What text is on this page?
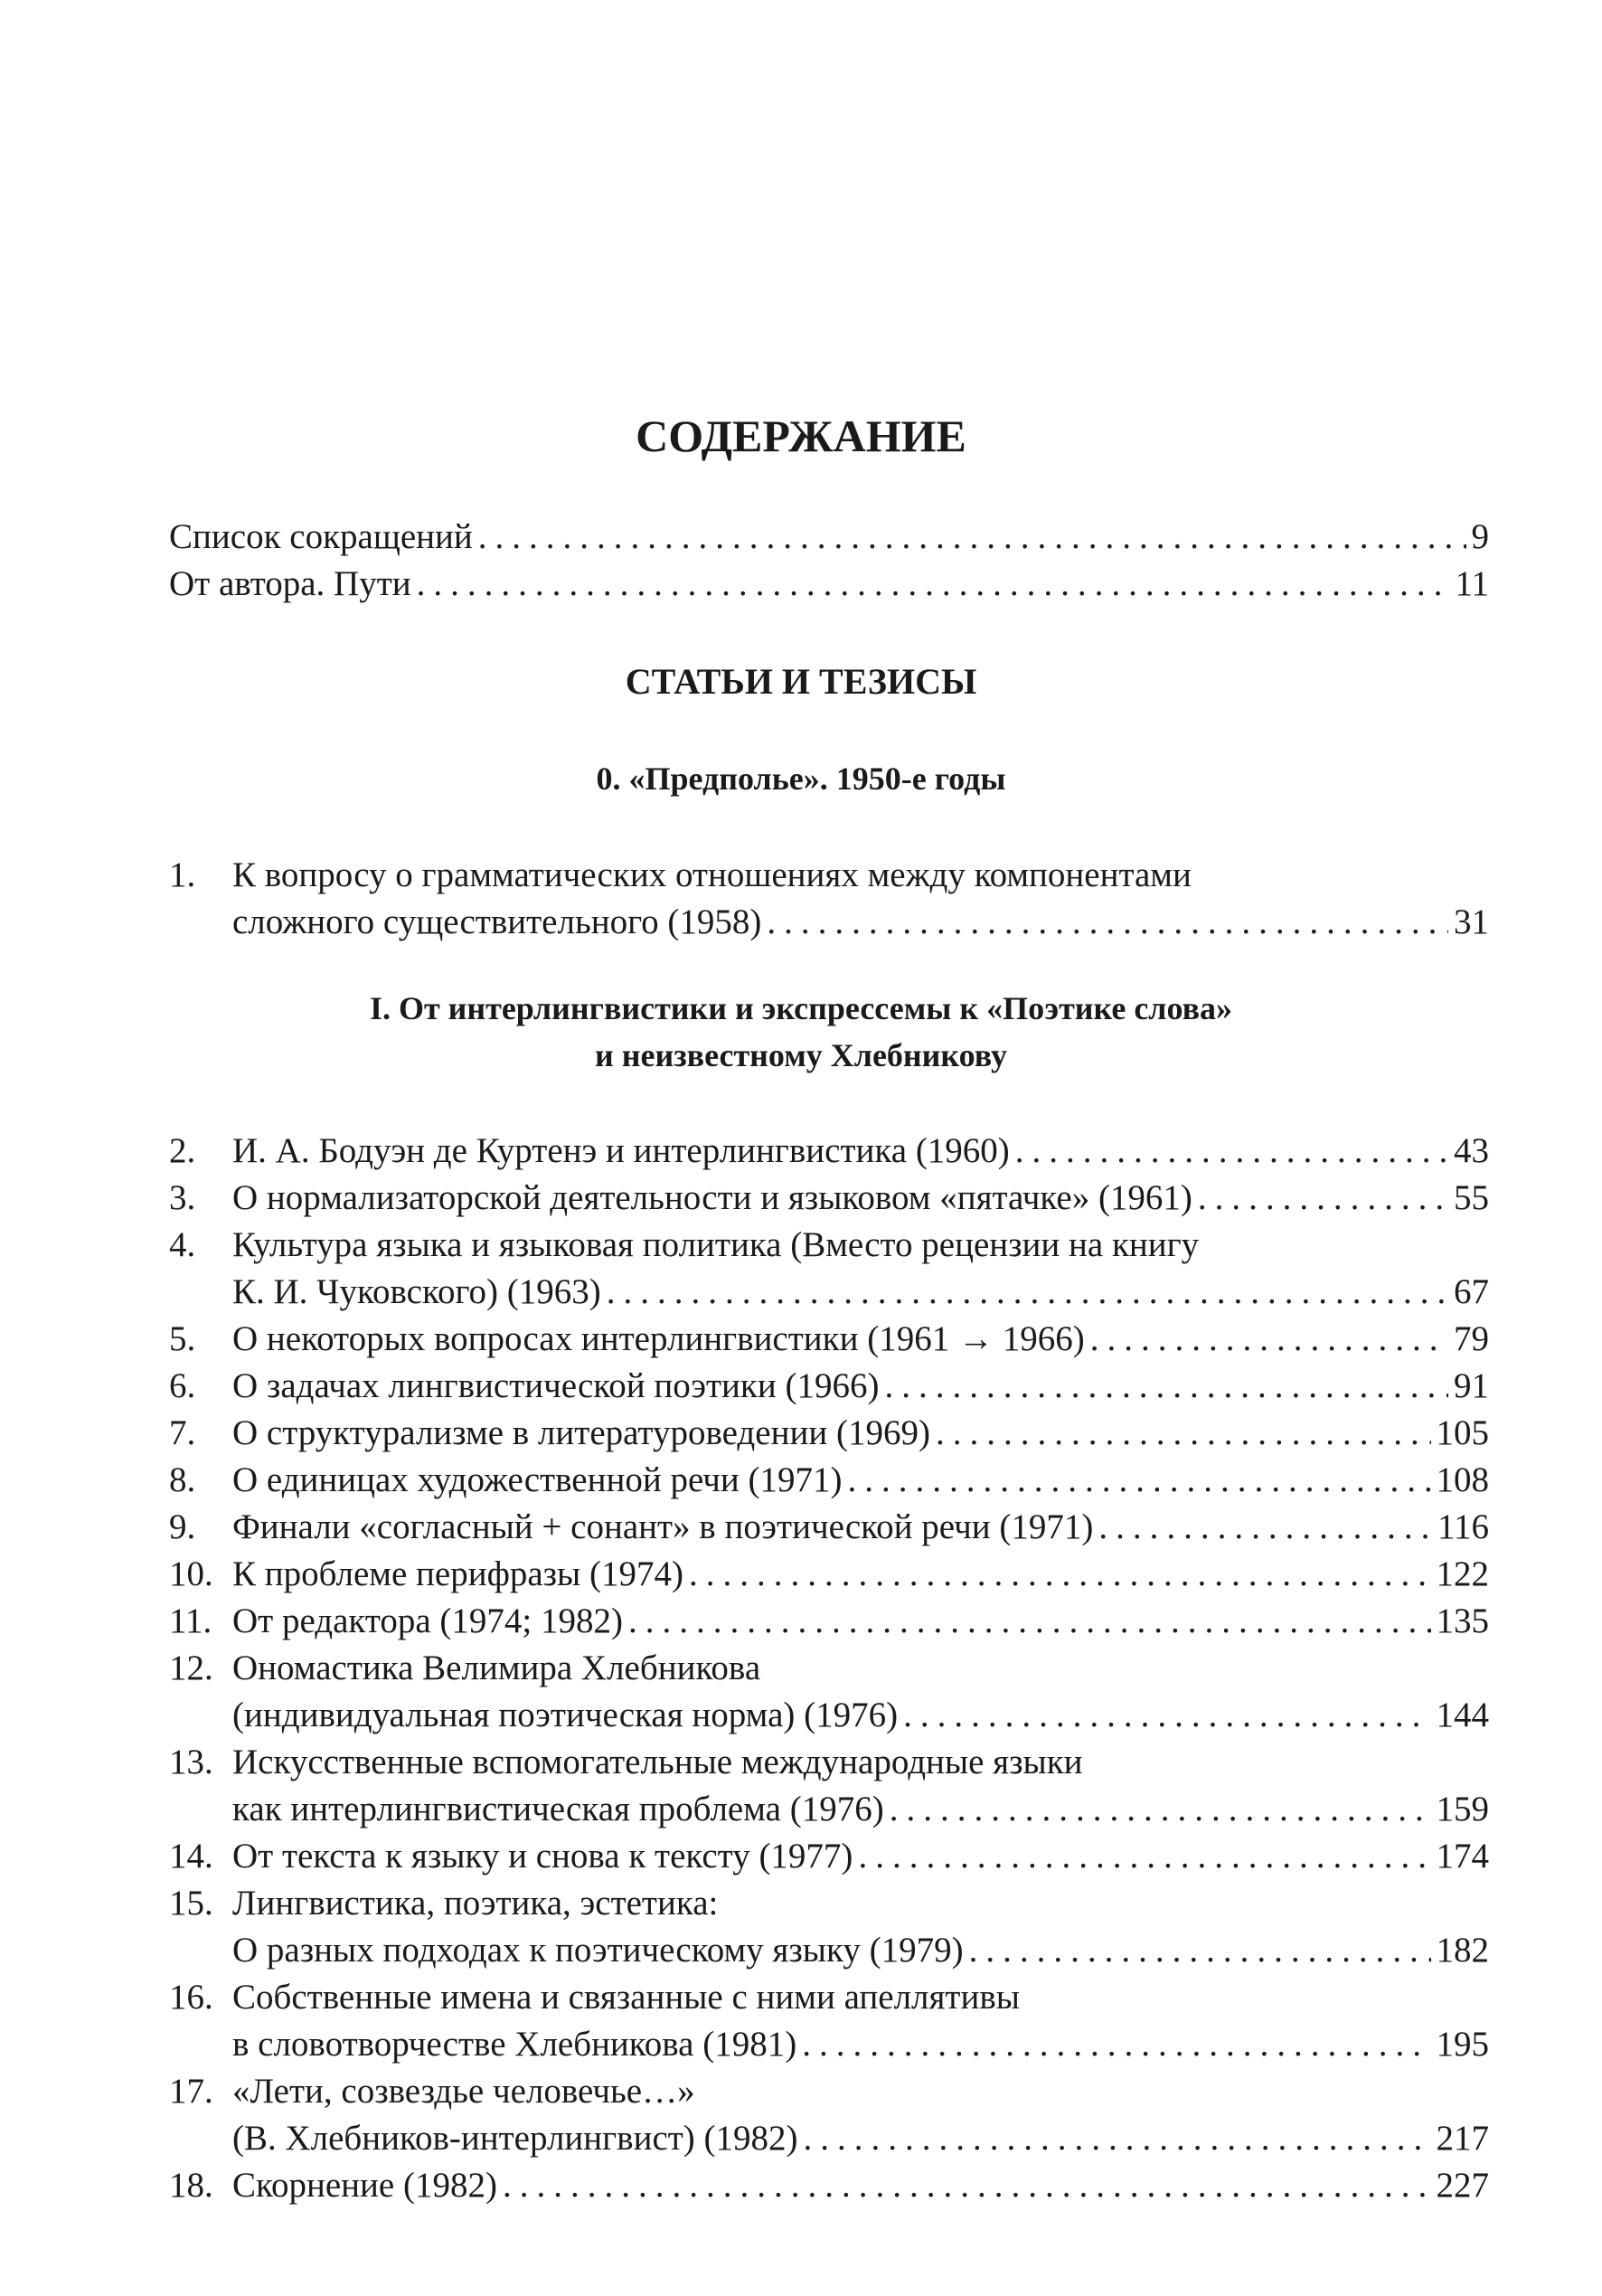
СОДЕРЖАНИЕ
Список сокращений .....	9
От автора. Пути .....	11
СТАТЬИ И ТЕЗИСЫ
0. «Предполье». 1950-е годы
1.	К вопросу о грамматических отношениях между компонентами
сложного существительного (1958) .....	31
I. От интерлингвистики и экспрессемы к «Поэтике слова»
и неизвестному Хлебникову
2.	И. А. Бодуэн де Куртенэ и интерлингвистика (1960) .....	43
3.	О нормализаторской деятельности и языковом «пятачке» (1961) .....	55
4.	Культура языка и языковая политика (Вместо рецензии на книгу
К. И. Чуковского) (1963) .....	67
5.	О некоторых вопросах интерлингвистики (1961 → 1966) .....	79
6.	О задачах лингвистической поэтики (1966) .....	91
7.	О структурализме в литературоведении (1969) .....	105
8.	О единицах художественной речи (1971) .....	108
9.	Финали «согласный + сонант» в поэтической речи (1971) .....	116
10. К проблеме перифразы (1974) .....	122
11. От редактора (1974; 1982) .....	135
12. Ономастика Велимира Хлебникова
(индивидуальная поэтическая норма) (1976) .....	144
13. Искусственные вспомогательные международные языки
как интерлингвистическая проблема (1976) .....	159
14. От текста к языку и снова к тексту (1977) .....	174
15. Лингвистика, поэтика, эстетика:
О разных подходах к поэтическому языку (1979) .....	182
16. Собственные имена и связанные с ними апеллятивы
в словотворчестве Хлебникова (1981) .....	195
17. «Лети, созвездье человечье…»
(В. Хлебников-интерлингвист) (1982) .....	217
18. Скорнение (1982) .....	227
